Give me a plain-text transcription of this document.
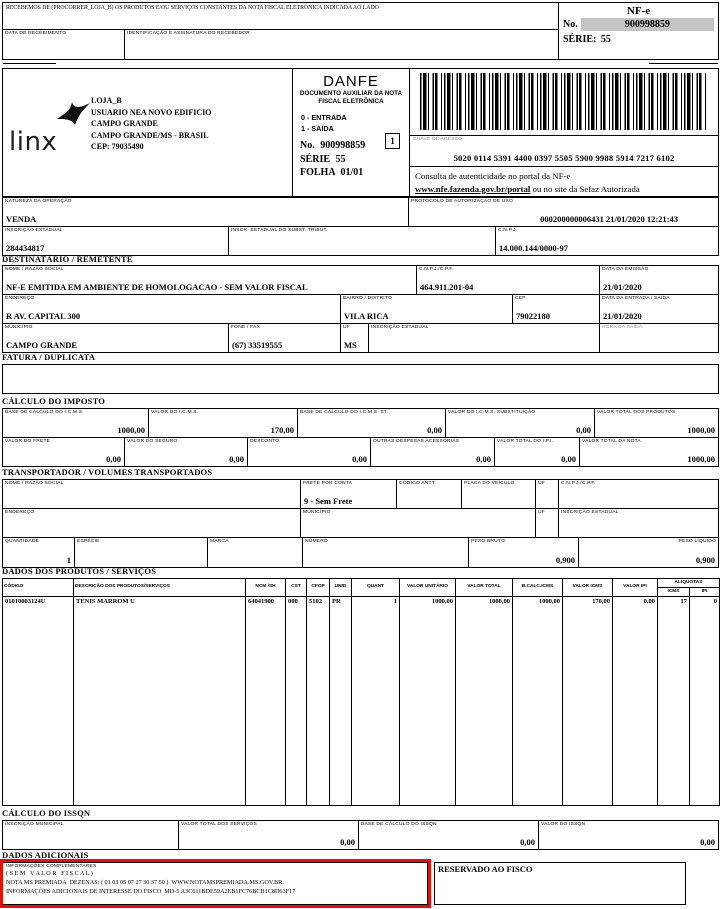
RECEBEMOS DE (PROCORRER_LOJA_B) OS PRODUTOS E/OU SERVIÇOS CONSTANTES DA NOTA FISCAL ELETRÔNICA INDICADA AO LADO
DATA DE RECEBIMENTO	IDENTIFICAÇÃO E ASSINATURA DO RECEBEDOR
NF-e
No.	900998859
SÉRIE: 55
linx
LOJA_B
USUARIO NEA NOVO EDIFICIO
CAMPO GRANDE
CAMPO GRANDE/MS - BRASIL
CEP: 79035490
DANFE
DOCUMENTO AUXILIAR DA NOTA FISCAL ELETRÔNICA
0 - ENTRADA
1 - SAÍDA
1
No. 900998859
SÉRIE 55
FOLHA 01/01
CHAVE DE ACESSO
5020 0114 5391 4400 0397 5505 5900 9988 5914 7217 6102
Consulta de autenticidade no portal da NF-e
www.nfe.fazenda.gov.br/portal ou no site da Sefaz Autorizada
NATUREZA DA OPERAÇÃO
VENDA
PROTOCOLO DE AUTORIZAÇÃO DE USO
000200000006431 21/01/2020 12:21:43
INSCRIÇÃO ESTADUAL
284434817
INSCR. ESTADUAL DO SUBST. TRIBUT.	C.N.P.J.
14.000.144/0000-97
DESTINATÁRIO / REMETENTE
NOME / RAZÃO SOCIAL
NF-E EMITIDA EM AMBIENTE DE HOMOLOGACAO - SEM VALOR FISCAL
C.N.P.J./C.P.F.
464.911.201-04
DATA DA EMISSÃO
21/01/2020
ENDEREÇO
R AV. CAPITAL 300
BAIRRO / DISTRITO
VILA RICA
CEP
79022180
DATA DA ENTRADA / SAÍDA
21/01/2020
MUNICÍPIO
CAMPO GRANDE
FONE / FAX
(67) 33519555
UF
MS
INSCRIÇÃO ESTADUAL	HORA DA SAÍDA
FATURA / DUPLICATA
CÁLCULO DO IMPOSTO
BASE DE CÁLCULO DO I.C.M.S.
1000,00
VALOR DO I.C.M.S.
170,00
BASE DE CÁLCULO DO I.C.M.S. ST.
0,00
VALOR DO I.C.M.S. SUBSTITUIÇÃO
0,00
VALOR TOTAL DOS PRODUTOS
1000,00
VALOR DO FRETE
0,00
VALOR DO SEGURO
0,00
DESCONTO
0,00
OUTRAS DESPESAS ACESSÓRIAS
0,00
VALOR TOTAL DO I.P.I.
0,00
VALOR TOTAL DA NOTA
1000,00
TRANSPORTADOR / VOLUMES TRANSPORTADOS
NOME / RAZÃO SOCIAL	FRETE POR CONTA
9 - Sem Frete
CÓDIGO ANTT	PLACA DO VEÍCULO	UF	C.N.P.J./C.P.F.
ENDEREÇO	MUNICÍPIO	UF	INSCRIÇÃO ESTADUAL
QUANTIDADE
1
ESPÉCIE	MARCA	NÚMERO	PESO BRUTO
0,900
PESO LÍQUIDO
0,900
DADOS DOS PRODUTOS / SERVIÇOS
CÓDIGO	DESCRIÇÃO DOS PRODUTOS/SERVIÇOS	NCM /SH	CST	CFOP	UNID	QUANT	VALOR UNITÁRIO	VALOR TOTAL	B.CALC.ICMS	VALOR ICMS	VALOR IPI	ALIQUOTAS	
												ICMS	IPI
01010003124U	TENIS MARROM U	64041900	000	5102	PR	1	1000,00	1000,00	1000,00	170,00	0,00	17	0

CÁLCULO DO ISSQN
INSCRIÇÃO MUNICIPAL	VALOR TOTAL DOS SERVIÇOS
0,00
BASE DE CÁLCULO DO ISSQN
0,00
VALOR DO ISSQN
0,00
DADOS ADICIONAIS
INFORMAÇÕES COMPLEMENTARES
( S E M   V A L O R   F I S C A L )
NOTA MS PREMIADA  DEZENAS: ( 01 03 05 07 27 30 37 50 )  WWW.NOTAMSPREMIADA.MS.GOV.BR.
INFORMAÇÕES ADICIONAIS DE INTERESSE DO FISCO  MD-5 A3C611BDE59A2EB1FC76BCB1C8D63F17
RESERVADO AO FISCO
